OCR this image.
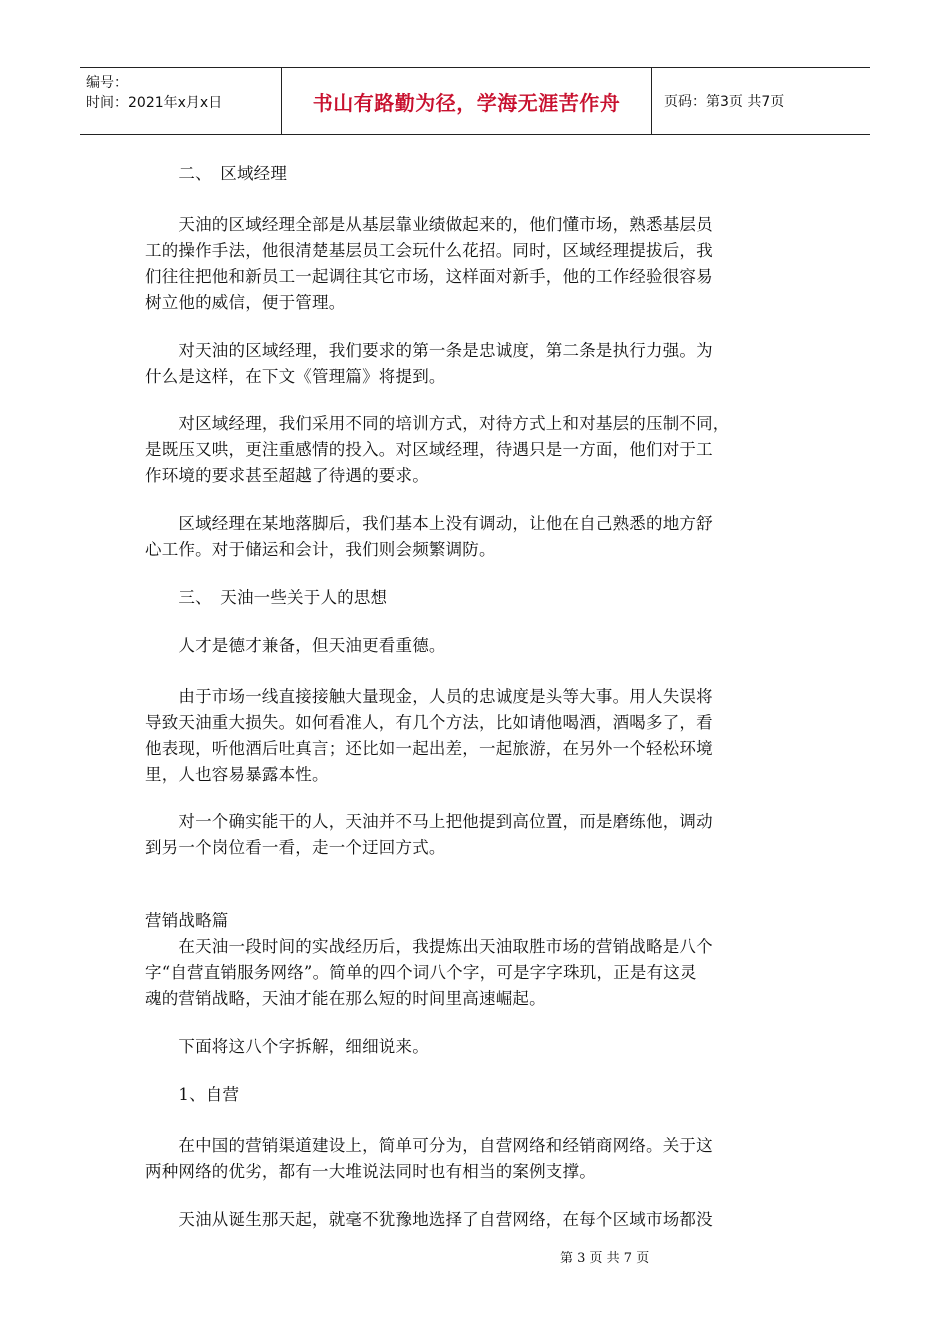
编号：
时间：2021年x月x日	书山有路勤为径，学海无涯苦作舟	页码：第3页 共7页
　　二、　区域经理
　　天油的区域经理全部是从基层靠业绩做起来的，他们懂市场，熟悉基层员
工的操作手法，他很清楚基层员工会玩什么花招。同时，区域经理提拔后，我
们往往把他和新员工一起调往其它市场，这样面对新手，他的工作经验很容易
树立他的威信，便于管理。
　　对天油的区域经理，我们要求的第一条是忠诚度，第二条是执行力强。为
什么是这样，在下文《管理篇》将提到。
　　对区域经理，我们采用不同的培训方式，对待方式上和对基层的压制不同，
是既压又哄，更注重感情的投入。对区域经理，待遇只是一方面，他们对于工
作环境的要求甚至超越了待遇的要求。
　　区域经理在某地落脚后，我们基本上没有调动，让他在自己熟悉的地方舒
心工作。对于储运和会计，我们则会频繁调防。
　　三、　天油一些关于人的思想
　　人才是德才兼备，但天油更看重德。
　　由于市场一线直接接触大量现金，人员的忠诚度是头等大事。用人失误将
导致天油重大损失。如何看准人，有几个方法，比如请他喝酒，酒喝多了，看
他表现，听他酒后吐真言；还比如一起出差，一起旅游，在另外一个轻松环境
里，人也容易暴露本性。
　　对一个确实能干的人，天油并不马上把他提到高位置，而是磨练他，调动
到另一个岗位看一看，走一个迂回方式。
营销战略篇
　　在天油一段时间的实战经历后，我提炼出天油取胜市场的营销战略是八个
字“自营直销服务网络”。简单的四个词八个字，可是字字珠玑，正是有这灵
魂的营销战略，天油才能在那么短的时间里高速崛起。
　　下面将这八个字拆解，细细说来。
　　1、自营
　　在中国的营销渠道建设上，简单可分为，自营网络和经销商网络。关于这
两种网络的优劣，都有一大堆说法同时也有相当的案例支撑。
　　天油从诞生那天起，就毫不犹豫地选择了自营网络，在每个区域市场都没
第 3 页 共 7 页
